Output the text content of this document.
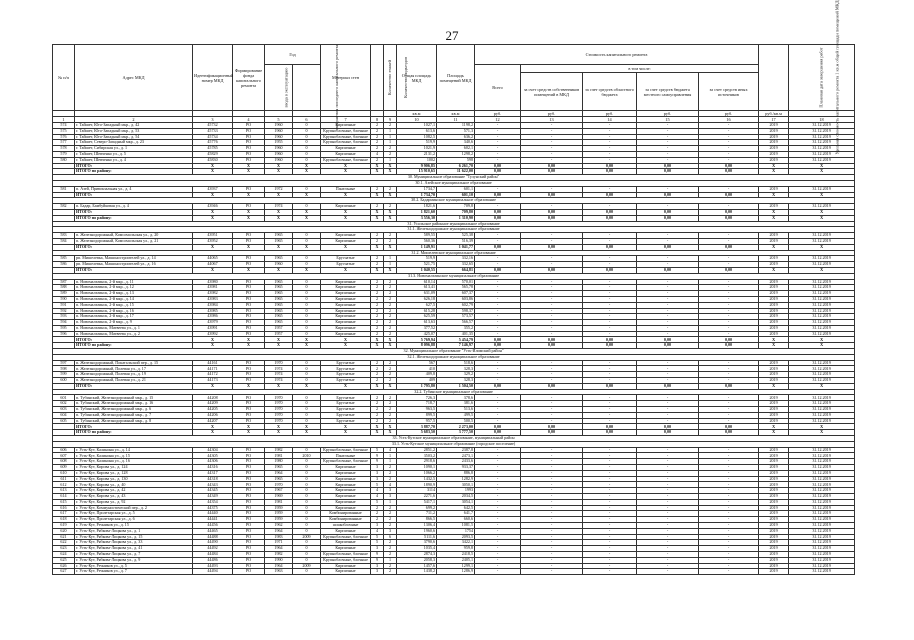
27
№ п/п	Адрес МКД	Идентификационный номер МКД	Формирование фонда капитального ремонта	Год		Материал стен	Количество этажей	Количество подъездов	Общая площадь МКД	Площадь помещений МКД	Стоимость капитального ремонта					Удельная стоимость капитального ремонта 1 кв.м общей площади помещений МКД	Плановая дата завершения работ
				ввода в эксплуатацию	завершения последнего капитального ремонта						Всего	в том числе:					
												за счет средств собственников помещений в МКД	за счет средств областного бюджета	за счет средств бюджета местного самоуправления	за счет средств иных источников		
									кв.м	кв.м	руб.	руб.	руб.	руб.	руб.	руб./кв.м	
1	2	3	4	5	6	7	8	9	10	11	12	13	14	15	16	17	18
574	г. Тайшет, Юго-Западный мкр., д. 42	45732	РО	1960	0	Кирпичные	2	2	1027,1	1198,2	-	-	-	-	-	2019	31.12.2019
575	г. Тайшет, Юго-Западный мкр., д. 53	45733	РО	1960	0	Крупноблочные, блочные	2	1	613,6	571,3	-	-	-	-	-	2019	31.12.2019
576	г. Тайшет, Юго-Западный мкр., д. 54	45734	РО	1960	0	Крупноблочные, блочные	2	1	1082,5	636,2	-	-	-	-	-	2019	31.12.2019
577	г. Тайшет, Северо-Западный мкр., д. 23	45776	РО	1955	0	Крупноблочные, блочные	2	1	519,9	340,6	-	-	-	-	-	2019	31.12.2019
578	г. Тайшет, Сибирская ул., д. 1	45785	РО	1960	0	Кирпичные	2	2	1021,9	602,1	-	-	-	-	-	2019	31.12.2019
579	г. Тайшет, Шевченко ул., д. 5	45829	РО	1960	0	Кирпичные	4	2	2131,2	1298,2	-	-	-	-	-	2019	31.12.2019
580	г. Тайшет, Шевченко ул., д. 4	45830	РО	1960	0	Крупноблочные, блочные	2	1	1002	598	-	-	-	-	-	2019	31.12.2019
	ИТОГО:	Х	Х	Х	Х	Х	Х	Х	9 906,85	6 261,70	0,00	0,00	0,00	0,00	0,00	Х	Х
	ИТОГО по району:	Х	Х	Х	Х	Х	Х	Х	15 910,65	11 622,00	0,00	0,00	0,00	0,00	0,00	Х	Х
30. Муниципальное образование "Тулунский район"																	
30.1. Азейское муниципальное образование																	
581	п. Азей, Привокзальная ул., д. 4	43937	РО	1972	0	Панельные	2	2	1734,7	601,1	-	-	-	-	-	2019	31.12.2019
	ИТОГО:	Х	Х	Х	Х	Х	Х	Х	1 734,70	601,10	0,00	0,00	0,00	0,00	0,00	Х	Х
30.2. Бадарминское муниципальное образование																	
582	п. Бадар, Бамбуйковая ул., д. 4	43946	РО	1974	0	Кирпичные	2	2	1821,6	709,8	-	-	-	-	-	2019	31.12.2019
	ИТОГО:	Х	Х	Х	Х	Х	Х	Х	1 821,60	709,80	0,00	0,00	0,00	0,00	0,00	Х	Х
	ИТОГО по району:	Х	Х	Х	Х	Х	Х	Х	3 556,30	1 310,90	0,00	0,00	0,00	0,00	0,00	Х	Х
31. Усольское районное муниципальное образование																	
31.1. Железнодорожное муниципальное образование																	
583	п. Железнодорожный, Комсомольская ул., д. 20	43951	РО	1965	0	Кирпичные	2	2	589,55	525,38	-	-	-	-	-	2019	31.12.2019
584	п. Железнодорожный, Комсомольская ул., д. 21	43952	РО	1965	0	Кирпичные	2	2	560,36	516,39	-	-	-	-	-	2019	31.12.2019
	ИТОГО:	Х	Х	Х	Х	Х	Х	Х	1 149,91	1 041,77	0,00	0,00	0,00	0,00	0,00	Х	Х
31.2. Мишелевское муниципальное образование																	
585	рп. Мишелевка, Машиностроителей ул., д. 14	44065	РО	1965	0	Брусчатые	2	1	519,9	332,16	-	-	-	-	-	2019	31.12.2019
586	рп. Мишелевка, Машиностроителей ул., д. 16	44067	РО	1960	0	Брусчатые	2	1	521,75	332,65	-	-	-	-	-	2019	31.12.2019
	ИТОГО:	Х	Х	Х	Х	Х	Х	Х	1 040,55	664,81	0,00	0,00	0,00	0,00	0,00	Х	Х
31.3. Новомальтинское муниципальное образование																	
587	п. Новомальтинск, 2-й мкр., д. 11	43980	РО	1965	0	Кирпичные	2	2	610,14	570,01	-	-	-	-	-	2019	31.12.2019
588	п. Новомальтинск, 2-й мкр., д. 12	43981	РО	1965	0	Кирпичные	2	2	613,41	565,78	-	-	-	-	-	2019	31.12.2019
589	п. Новомальтинск, 2-й мкр., д. 13	43982	РО	1965	0	Кирпичные	2	2	631,09	607,37	-	-	-	-	-	2019	31.12.2019
590	п. Новомальтинск, 2-й мкр., д. 14	43983	РО	1965	0	Кирпичные	2	2	626,18	603,86	-	-	-	-	-	2019	31.12.2019
591	п. Новомальтинск, 2-й мкр., д. 15	43984	РО	1965	0	Кирпичные	2	2	627,5	602,79	-	-	-	-	-	2019	31.12.2019
592	п. Новомальтинск, 2-й мкр., д. 16	43985	РО	1965	0	Кирпичные	2	2	615,28	598,37	-	-	-	-	-	2019	31.12.2019
593	п. Новомальтинск, 2-й мкр., д. 17	43986	РО	1965	0	Кирпичные	2	2	625,59	573,57	-	-	-	-	-	2019	31.12.2019
594	п. Новомальтинск, 2-й мкр., д. 9	43979	РО	1965	0	Кирпичные	2	2	613,63	566,57	-	-	-	-	-	2019	31.12.2019
595	п. Новомальтинск, Матвеева ул., д. 1	43991	РО	1957	0	Кирпичные	2	2	377,52	355,2	-	-	-	-	-	2019	31.12.2019
596	п. Новомальтинск, Матвеева ул., д. 2	43992	РО	1957	0	Кирпичные	2	2	425,07	401,35	-	-	-	-	-	2019	31.12.2019
	ИТОГО:	Х	Х	Х	Х	Х	Х	Х	5 769,94	5 454,79	0,00	0,00	0,00	0,00	0,00	Х	Х
	ИТОГО по району:	Х	Х	Х	Х	Х	Х	Х	8 096,88	7 146,97	0,00	0,00	0,00	0,00	0,00	Х	Х
32. Муниципальное образование "Усть-Илимский район"																	
32.1. Железнодорожное муниципальное образование																	
597	п. Железнодорожный, Покатальский пер., д. 15	44161	РО	1970	0	Брусчатые	2	2	567	518,6	-	-	-	-	-	2019	31.12.2019
598	п. Железнодорожный, Полевая ул., д. 17	44171	РО	1974	0	Брусчатые	2	2	410	328,3	-	-	-	-	-	2019	31.12.2019
599	п. Железнодорожный, Полевая ул., д. 19	44172	РО	1974	0	Брусчатые	2	2	409,8	329,2	-	-	-	-	-	2019	31.12.2019
600	п. Железнодорожный, Полевая ул., д. 21	44173	РО	1974	0	Брусчатые	2	2	409	328,3	-	-	-	-	-	2019	31.12.2019
	ИТОГО:	Х	Х	Х	Х	Х	Х	Х	1 795,80	1 504,50	0,00	0,00	0,00	0,00	0,00	Х	Х
32.2. Тубинское муниципальное образование																	
601	п. Тубинский, Железнодорожный мкр., д. 15	44208	РО	1970	0	Брусчатые	2	2	726,3	378,6	-	-	-	-	-	2019	31.12.2019
602	п. Тубинский, Железнодорожный мкр., д. 16	44209	РО	1970	0	Брусчатые	2	2	718,7	381,6	-	-	-	-	-	2019	31.12.2019
603	п. Тубинский, Железнодорожный мкр., д. 6	44205	РО	1970	0	Брусчатые	2	2	963,5	513,6	-	-	-	-	-	2019	31.12.2019
604	п. Тубинский, Железнодорожный мкр., д. 7	44206	РО	1970	0	Брусчатые	2	2	899,5	499,5	-	-	-	-	-	2019	31.12.2019
605	п. Тубинский, Железнодорожный мкр., д. 8	44207	РО	1970	0	Брусчатые	2	2	957,5	500,5	-	-	-	-	-	2019	31.12.2019
	ИТОГО:	Х	Х	Х	Х	Х	Х	Х	3 887,70	2 273,00	0,00	0,00	0,00	0,00	0,00	Х	Х
	ИТОГО по району:	Х	Х	Х	Х	Х	Х	Х	5 683,50	3 777,50	0,00	0,00	0,00	0,00	0,00	Х	Х
33. Усть-Кутское муниципальное образование, муниципальный район																	
33.1. Усть-Кутское муниципальное образование (городское поселение)																	
606	г. Усть-Кут, Калинина ул., д. 14	44304	РО	1982	0	Крупноблочные, блочные	5	4	2851,2	2387,8	-	-	-	-	-	2019	31.12.2019
607	г. Усть-Кут, Калинина ул., д. 15	44305	РО	1981	2010	Панельные	9	1	3503,2	2473,1	-	-	-	-	-	2019	31.12.2019
608	г. Усть-Кут, Калинина ул., д. 16	44306	РО	1980	0	Крупноблочные, блочные	9	1	2918,6	2433,6	-	-	-	-	-	2019	31.12.2019
609	г. Усть-Кут, Кирова ул., д. 124	44316	РО	1965	0	Кирпичные	3	2	1090,1	933,37	-	-	-	-	-	2019	31.12.2019
610	г. Усть-Кут, Кирова ул., д. 128	44317	РО	1964	0	Кирпичные	3	2	1066,2	886,8	-	-	-	-	-	2019	31.12.2019
611	г. Усть-Кут, Кирова ул., д. 130	44318	РО	1965	0	Кирпичные	3	2	1432,5	1282,9	-	-	-	-	-	2019	31.12.2019
612	г. Усть-Кут, Кирова ул., д. 40	44343	РО	1970	0	Кирпичные	5	4	1890,9	3050,1	-	-	-	-	-	2019	31.12.2019
613	г. Усть-Кут, Кирова ул., д. 42	44345	РО	1967	0	Кирпичные	4	3	3114	1993	-	-	-	-	-	2019	31.12.2019
614	г. Усть-Кут, Кирова ул., д. 43	44349	РО	1969	0	Кирпичные	4	3	2271,6	2034,5	-	-	-	-	-	2019	31.12.2019
615	г. Усть-Кут, Кирова ул., д. 92	44354	РО	1981	0	Кирпичные	5	1	5417,1	3054,1	-	-	-	-	-	2019	31.12.2019
616	г. Усть-Кут, Коммунистический пер., д. 2	44375	РО	1959	0	Кирпичные	2	2	699,2	642,5	-	-	-	-	-	2019	31.12.2019
617	г. Усть-Кут, Пролетарская ул., д. 5	44440	РО	1959	0	Комбинированные	2	2	711,2	641,7	-	-	-	-	-	2019	31.12.2019
618	г. Усть-Кут, Пролетарская ул., д. 6	44441	РО	1959	0	Комбинированные	2	2	866,5	660,6	-	-	-	-	-	2019	31.12.2019
619	г. Усть-Кут, Речников ул., д. 15	44456	РО	1962	0	шлакоблочные	3	2	1306,4	1081,5	-	-	-	-	-	2019	31.12.2019
620	г. Усть-Кут, Рябкова-Лицкова ул., д. 1	44465	РО	1964	0	Кирпичные	4	3	1960,6	1754	-	-	-	-	-	2019	31.12.2019
621	г. Усть-Кут, Рябкова-Лицкова ул., д. 15	44488	РО	1983	2009	Крупноблочные, блочные	5	6	5111,6	2093,5	-	-	-	-	-	2019	31.12.2019
622	г. Усть-Кут, Рябкова-Лицкова ул., д. 33	44490	РО	1971	0	Кирпичные	5	2	3790,6	3422,1	-	-	-	-	-	2019	31.12.2019
623	г. Усть-Кут, Рябкова-Лицкова ул., д. 41	44492	РО	1964	0	Кирпичные	3	2	1035,4	959,8	-	-	-	-	-	2019	31.12.2019
624	г. Усть-Кут, Рябкова-Лицкова ул., д. 7	44484	РО	1982	0	Крупноблочные, блочные	9	2	2874,3	2418,5	-	-	-	-	-	2019	31.12.2019
625	г. Усть-Кут, Рябкова-Лицкова ул., д. 9	44486	РО	1990	0	Крупноблочные, блочные	9	1	2058,3	2405,1	-	-	-	-	-	2019	31.12.2019
626	г. Усть-Кут, Речников ул., д. 5	44493	РО	1964	2009	Кирпичные	3	2	1457,6	1299,1	-	-	-	-	-	2019	31.12.2019
627	г. Усть-Кут, Речников ул., д. 7	44494	РО	1963	0	Кирпичные	3	2	1438,2	1286,9	-	-	-	-	-	2019	31.12.2019
